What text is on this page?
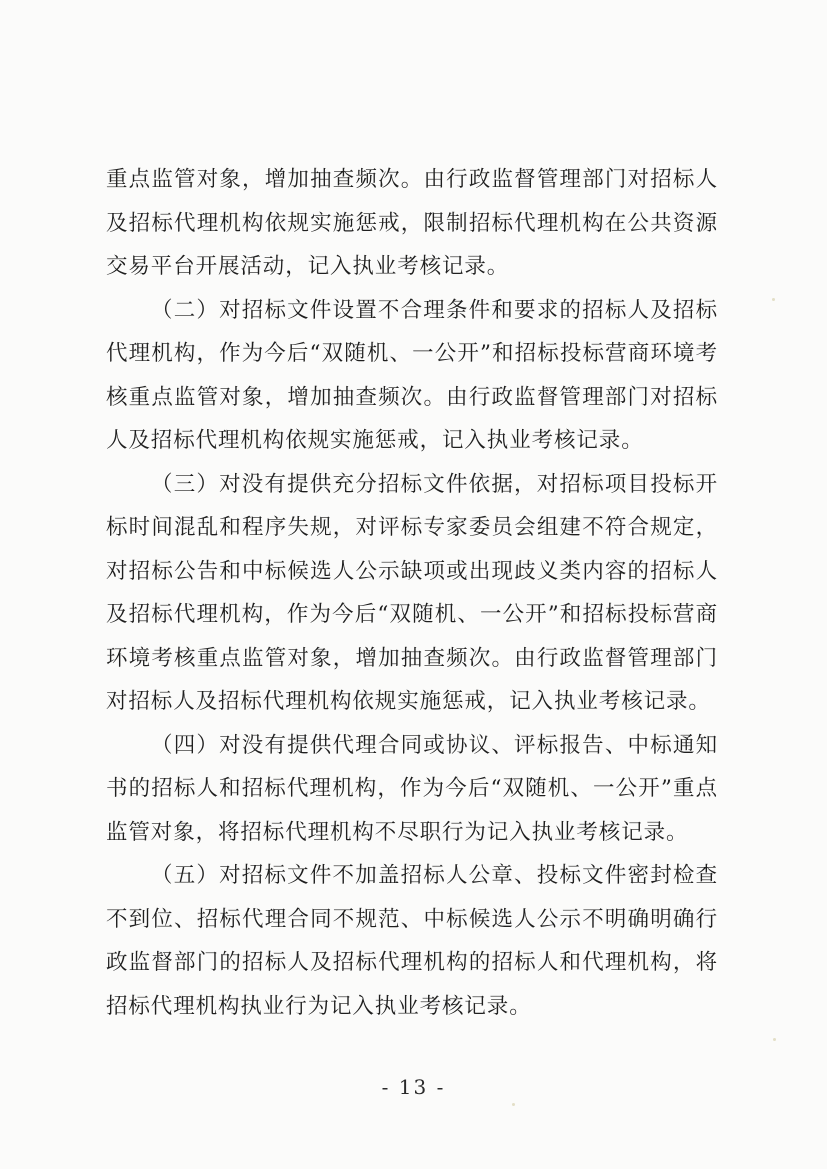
重点监管对象，增加抽查频次。由行政监督管理部门对招标人及招标代理机构依规实施惩戒，限制招标代理机构在公共资源交易平台开展活动，记入执业考核记录。

（二）对招标文件设置不合理条件和要求的招标人及招标代理机构，作为今后“双随机、一公开”和招标投标营商环境考核重点监管对象，增加抽查频次。由行政监督管理部门对招标人及招标代理机构依规实施惩戒，记入执业考核记录。

（三）对没有提供充分招标文件依据，对招标项目投标开标时间混乱和程序失规，对评标专家委员会组建不符合规定，对招标公告和中标候选人公示缺项或出现歧义类内容的招标人及招标代理机构，作为今后“双随机、一公开”和招标投标营商环境考核重点监管对象，增加抽查频次。由行政监督管理部门对招标人及招标代理机构依规实施惩戒，记入执业考核记录。

（四）对没有提供代理合同或协议、评标报告、中标通知书的招标人和招标代理机构，作为今后“双随机、一公开”重点监管对象，将招标代理机构不尽职行为记入执业考核记录。

（五）对招标文件不加盖招标人公章、投标文件密封检查不到位、招标代理合同不规范、中标候选人公示不明确明确行政监督部门的招标人及招标代理机构的招标人和代理机构，将招标代理机构执业行为记入执业考核记录。

- 13 -
